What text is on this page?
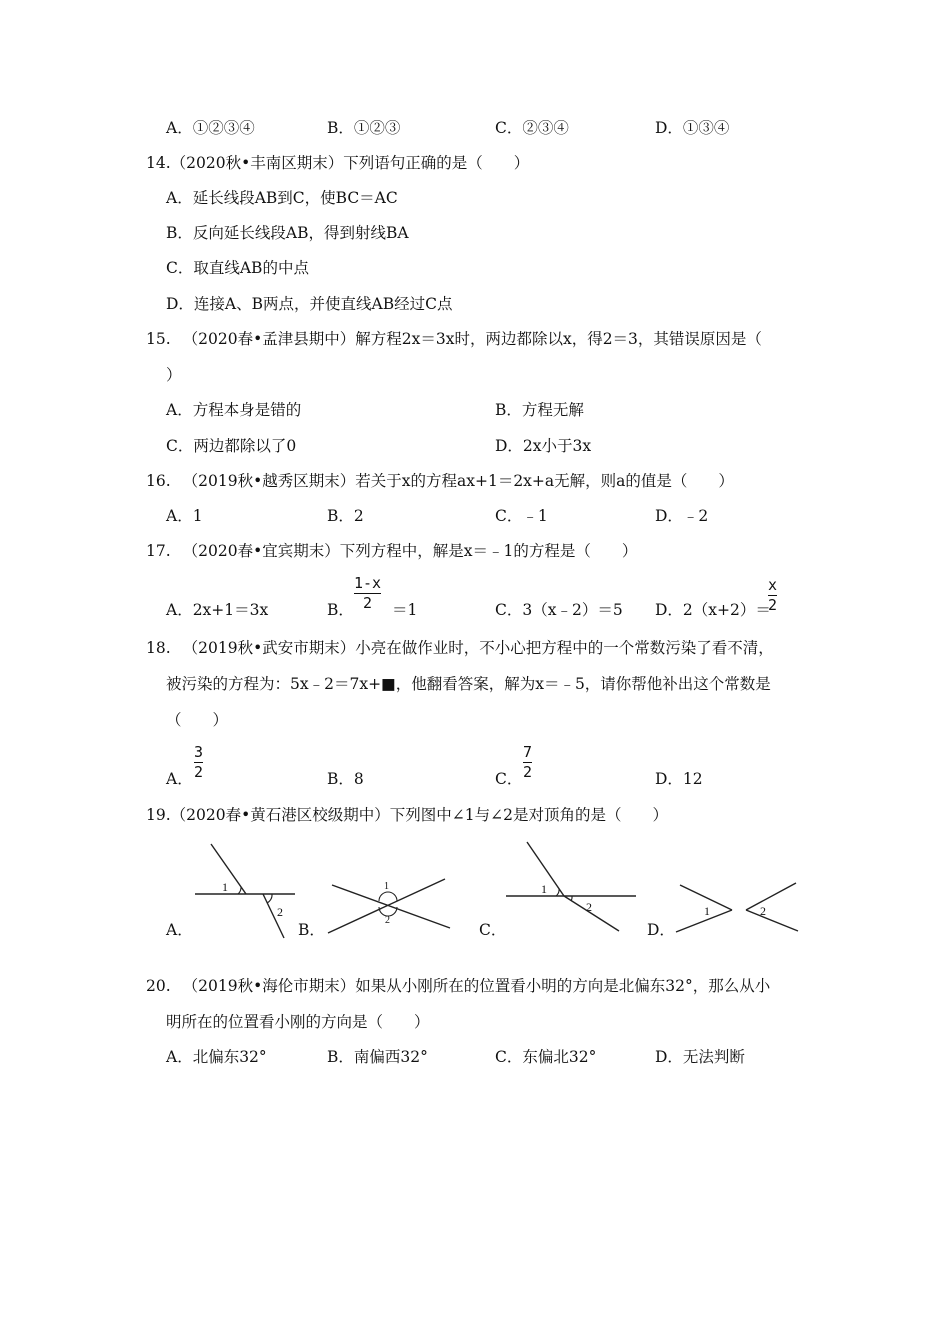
A．①②③④	B．①②③	C．②③④	D．①③④
14.（2020秋•丰南区期末）下列语句正确的是（　　）
A．延长线段AB到C，使BC＝AC
B．反向延长线段AB，得到射线BA
C．取直线AB的中点
D．连接A、B两点，并使直线AB经过C点
15. （2020春•孟津县期中）解方程2x＝3x时，两边都除以x，得2＝3，其错误原因是（
）
A．方程本身是错的	B．方程无解
C．两边都除以了0	D．2x小于3x
16. （2019秋•越秀区期末）若关于x的方程ax+1＝2x+a无解，则a的值是（　　）
A．1	B．2	C．﹣1	D．﹣2
17. （2020春•宜宾期末）下列方程中，解是x＝﹣1的方程是（　　）
A．2x+1＝3x	B．
1-x
2 ＝1	C．3（x﹣2）＝5 D．2（x+2）＝
x
2
18. （2019秋•武安市期末）小亮在做作业时，不小心把方程中的一个常数污染了看不清，
被污染的方程为：5x﹣2＝7x+■，他翻看答案，解为x＝﹣5，请你帮他补出这个常数是
（　　）
A．
3
2	B．8	C．
7
2	D．12
19.（2020春•黄石港区校级期中）下列图中∠1与∠2是对顶角的是（　　）
1
2
1
2
1
2	1	2
A．	B．	C．	D．
20. （2019秋•海伦市期末）如果从小刚所在的位置看小明的方向是北偏东32°，那么从小
明所在的位置看小刚的方向是（　　）
A．北偏东32°	B．南偏西32°	C．东偏北32°	D．无法判断
